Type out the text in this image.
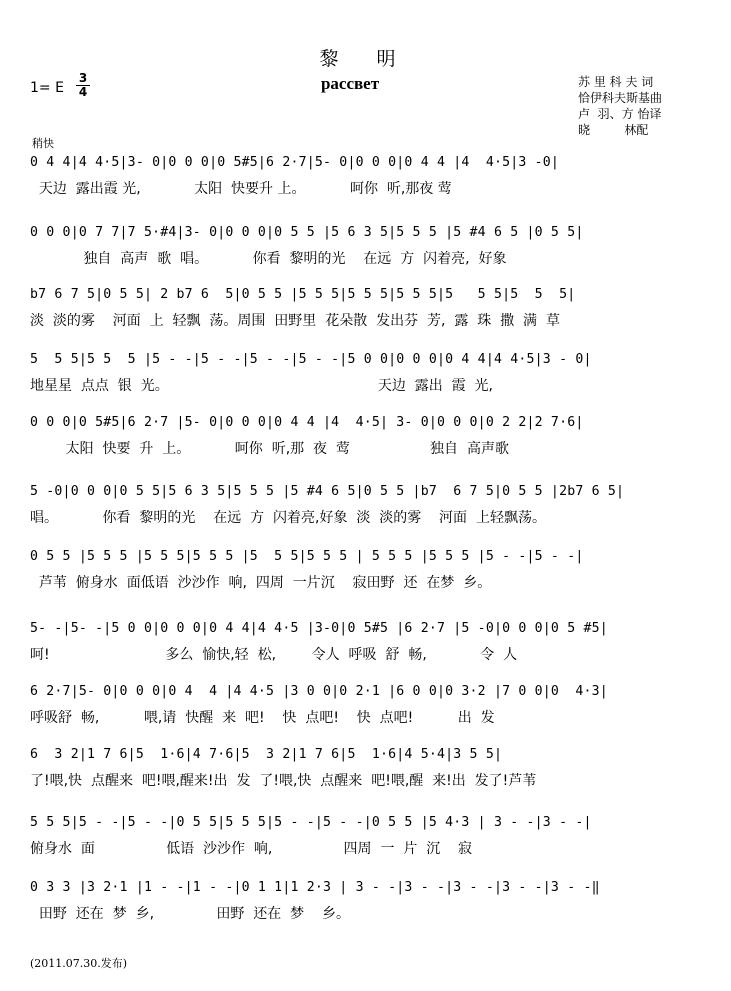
黎 明
рассвет
1= E
3
4
苏 里 科 夫 词
恰伊科夫斯基曲
卢  羽、方 怡译
晓         林配
稍快
0 4 4|4 4·5|3- 0|0 0 0|0 5#5|6 2·7|5- 0|0 0 0|0 4 4 |4  4·5|3 -0|
天边  露出霞 光,            太阳  快要升 上。          呵你  听,那夜 莺
0 0 0|0 7 7|7 5·#4|3- 0|0 0 0|0 5 5 |5 6 3 5|5 5 5 |5 #4 6 5 |0 5 5|
独自  高声  歌  唱。          你看  黎明的光    在远  方  闪着亮,  好象
b7 6 7 5|0 5 5| 2 b7 6  5|0 5 5 |5 5 5|5 5 5|5 5 5|5   5 5|5  5  5|
淡  淡的雾    河面  上  轻飘  荡。周围  田野里  花朵散  发出芬  芳,  露  珠  撒  满  草
5  5 5|5 5  5 |5 - -|5 - -|5 - -|5 - -|5 0 0|0 0 0|0 4 4|4 4·5|3 - 0|
地星星  点点  银  光。                                               天边  露出  霞  光,
0 0 0|0 5#5|6 2·7 |5- 0|0 0 0|0 4 4 |4  4·5| 3- 0|0 0 0|0 2 2|2 7·6|
太阳  快要  升  上。          呵你  听,那  夜  莺                  独自  高声歌
5 -0|0 0 0|0 5 5|5 6 3 5|5 5 5 |5 #4 6 5|0 5 5 |b7  6 7 5|0 5 5 |2b7 6 5|
唱。          你看  黎明的光    在远  方  闪着亮,好象  淡  淡的雾    河面  上轻飘荡。
0 5 5 |5 5 5 |5 5 5|5 5 5 |5  5 5|5 5 5 | 5 5 5 |5 5 5 |5 - -|5 - -|
芦苇  俯身水  面低语  沙沙作  响,  四周  一片沉    寂田野  还  在梦  乡。
5- -|5- -|5 0 0|0 0 0|0 4 4|4 4·5 |3-0|0 5#5 |6 2·7 |5 -0|0 0 0|0 5 #5|
呵!                          多么  愉快,轻  松,        令人  呼吸  舒  畅,            令  人
6 2·7|5- 0|0 0 0|0 4  4 |4 4·5 |3 0 0|0 2·1 |6 0 0|0 3·2 |7 0 0|0  4·3|
呼吸舒  畅,          喂,请  快醒  来  吧!    快  点吧!    快  点吧!          出  发
6  3 2|1 7 6|5  1·6|4 7·6|5  3 2|1 7 6|5  1·6|4 5·4|3 5 5|
了!喂,快  点醒来  吧!喂,醒来!出  发  了!喂,快  点醒来  吧!喂,醒  来!出  发了!芦苇
5 5 5|5 - -|5 - -|0 5 5|5 5 5|5 - -|5 - -|0 5 5 |5 4·3 | 3 - -|3 - -|
俯身水  面                低语  沙沙作  响,                四周  一  片  沉    寂
0 3 3 |3 2·1 |1 - -|1 - -|0 1 1|1 2·3 | 3 - -|3 - -|3 - -|3 - -|3 - -‖
田野  还在  梦  乡,              田野  还在  梦    乡。
(2011.07.30.发布)
